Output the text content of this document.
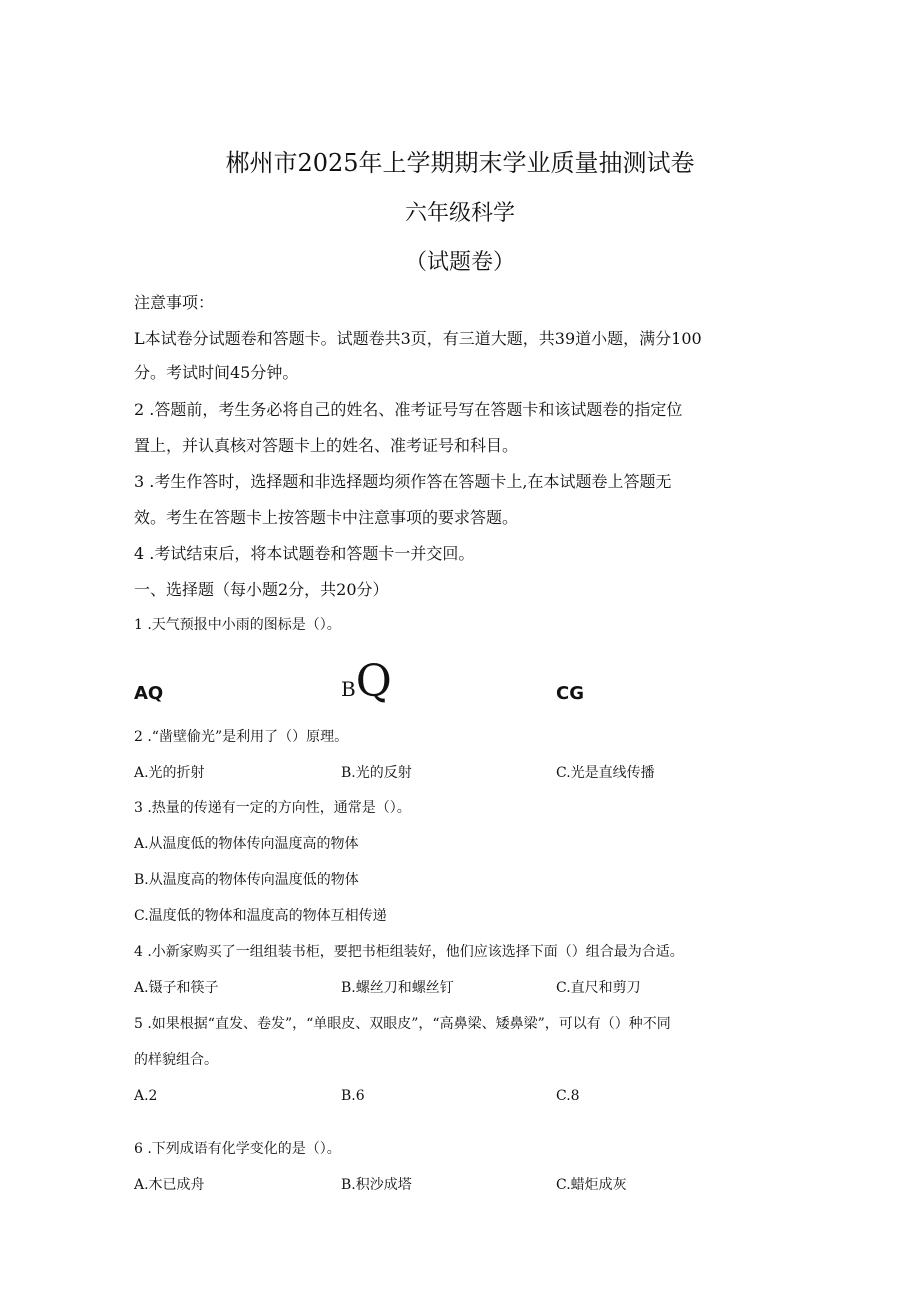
郴州市2025年上学期期末学业质量抽测试卷
六年级科学
（试题卷）
注意事项：
L本试卷分试题卷和答题卡。试题卷共3页，有三道大题，共39道小题，满分100
分。考试时间45分钟。
2 .答题前，考生务必将自己的姓名、准考证号写在答题卡和该试题卷的指定位
置上，并认真核对答题卡上的姓名、准考证号和科目。
3 .考生作答时，选择题和非选择题均须作答在答题卡上,在本试题卷上答题无
效。考生在答题卡上按答题卡中注意事项的要求答题。
4 .考试结束后，将本试题卷和答题卡一并交回。
一、选择题（每小题2分，共20分）
1 .天气预报中小雨的图标是（）。
AQ	BQ	CG
2 .“凿壁偷光”是利用了（）原理。
A.光的折射	B.光的反射	C.光是直线传播
3 .热量的传递有一定的方向性，通常是（）。
A.从温度低的物体传向温度高的物体
B.从温度高的物体传向温度低的物体
C.温度低的物体和温度高的物体互相传递
4 .小新家购买了一组组装书柜，要把书柜组装好，他们应该选择下面（）组合最为合适。
A.镊子和筷子	B.螺丝刀和螺丝钉	C.直尺和剪刀
5 .如果根据“直发、卷发”，“单眼皮、双眼皮”，“高鼻梁、矮鼻梁”，可以有（）种不同
的样貌组合。
A.2	B.6	C.8
6 .下列成语有化学变化的是（）。
A.木已成舟	B.积沙成塔	C.蜡炬成灰
